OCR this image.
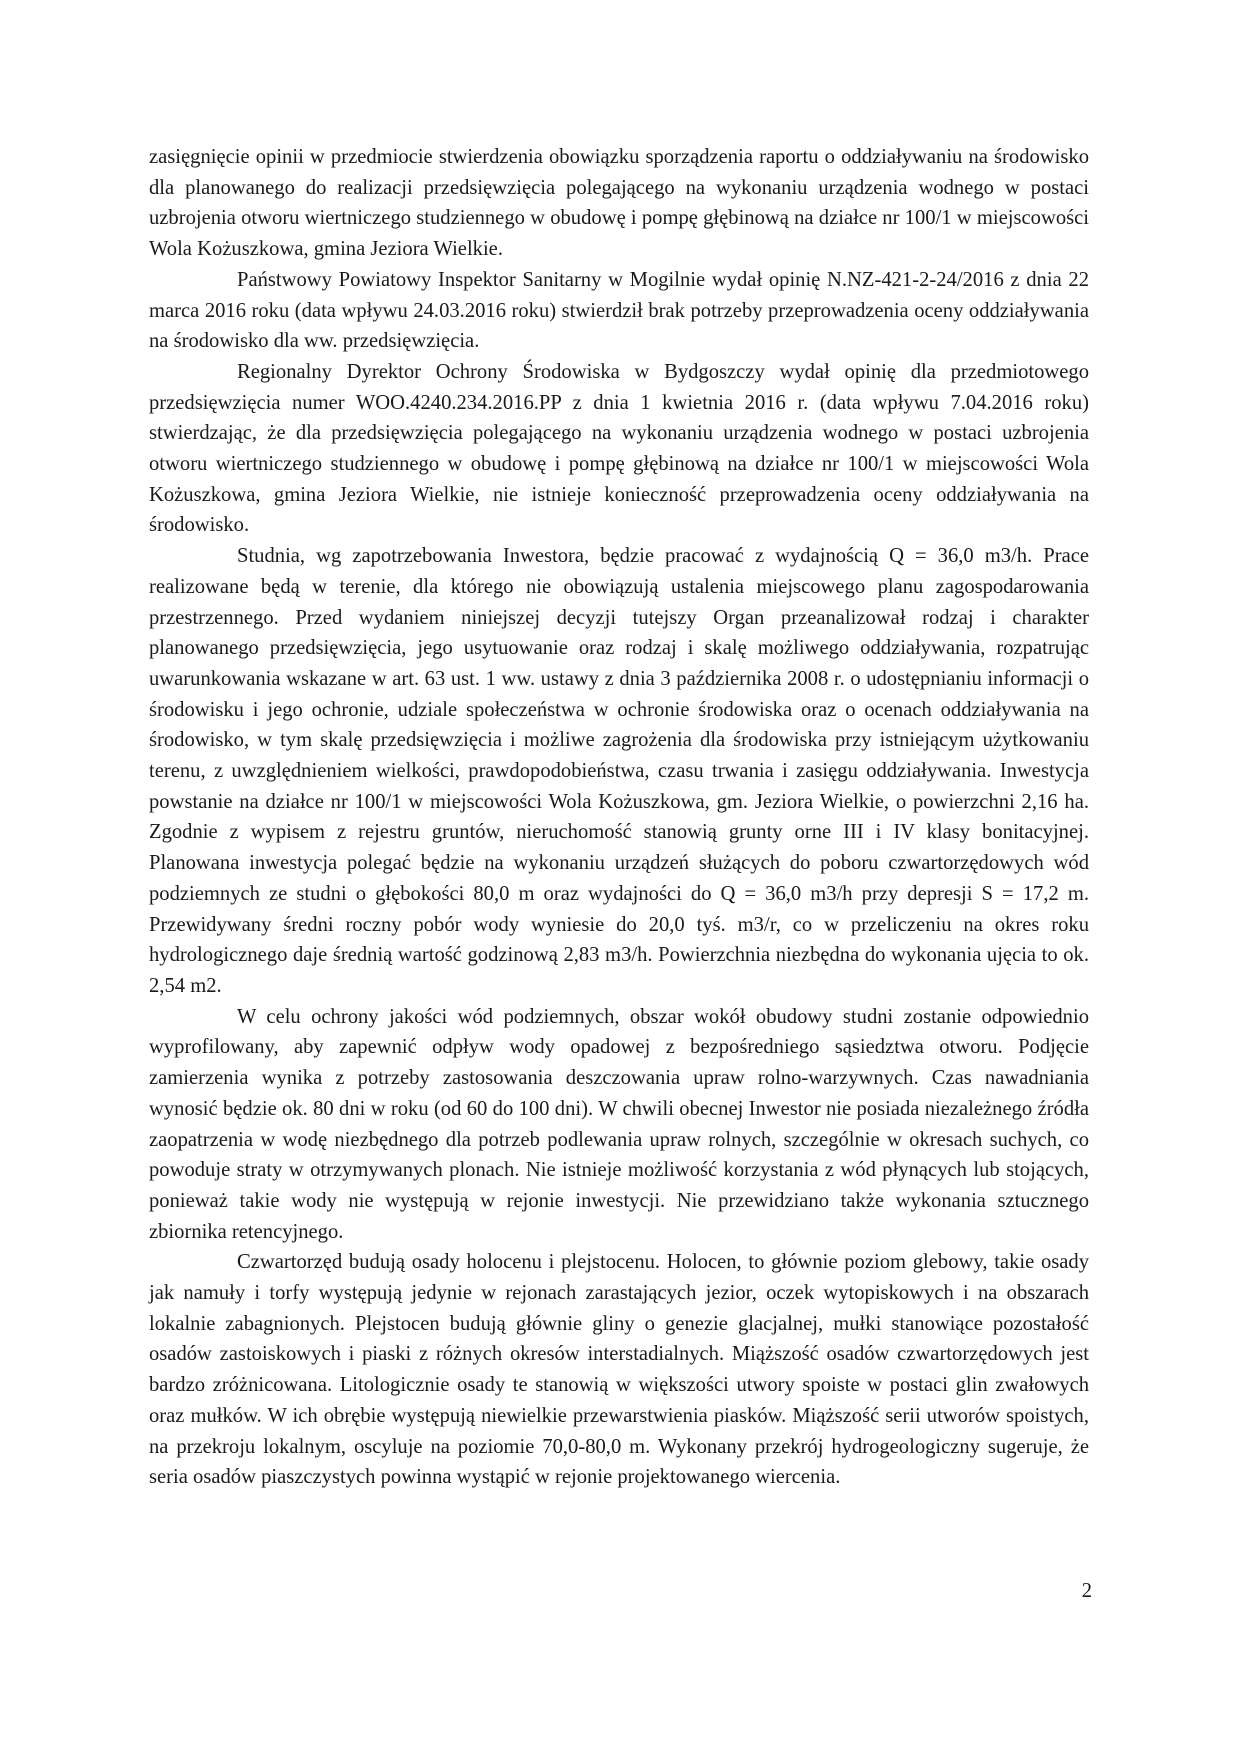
zasięgnięcie opinii w przedmiocie stwierdzenia obowiązku sporządzenia raportu o oddziaływaniu na środowisko dla planowanego do realizacji przedsięwzięcia polegającego na wykonaniu urządzenia wodnego w postaci uzbrojenia otworu wiertniczego studziennego w obudowę i pompę głębinową na działce nr 100/1 w miejscowości Wola Kożuszkowa, gmina Jeziora Wielkie.

Państwowy Powiatowy Inspektor Sanitarny w Mogilnie wydał opinię N.NZ-421-2-24/2016 z dnia 22 marca 2016 roku (data wpływu 24.03.2016 roku) stwierdził brak potrzeby przeprowadzenia oceny oddziaływania na środowisko dla ww. przedsięwzięcia.

Regionalny Dyrektor Ochrony Środowiska w Bydgoszczy wydał opinię dla przedmiotowego przedsięwzięcia numer WOO.4240.234.2016.PP z dnia 1 kwietnia 2016 r. (data wpływu 7.04.2016 roku) stwierdzając, że dla przedsięwzięcia polegającego na wykonaniu urządzenia wodnego w postaci uzbrojenia otworu wiertniczego studziennego w obudowę i pompę głębinową na działce nr 100/1 w miejscowości Wola Kożuszkowa, gmina Jeziora Wielkie, nie istnieje konieczność przeprowadzenia oceny oddziaływania na środowisko.

Studnia, wg zapotrzebowania Inwestora, będzie pracować z wydajnością Q = 36,0 m3/h. Prace realizowane będą w terenie, dla którego nie obowiązują ustalenia miejscowego planu zagospodarowania przestrzennego. Przed wydaniem niniejszej decyzji tutejszy Organ przeanalizował rodzaj i charakter planowanego przedsięwzięcia, jego usytuowanie oraz rodzaj i skalę możliwego oddziaływania, rozpatrując uwarunkowania wskazane w art. 63 ust. 1 ww. ustawy z dnia 3 października 2008 r. o udostępnianiu informacji o środowisku i jego ochronie, udziale społeczeństwa w ochronie środowiska oraz o ocenach oddziaływania na środowisko, w tym skalę przedsięwzięcia i możliwe zagrożenia dla środowiska przy istniejącym użytkowaniu terenu, z uwzględnieniem wielkości, prawdopodobieństwa, czasu trwania i zasięgu oddziaływania. Inwestycja powstanie na działce nr 100/1 w miejscowości Wola Kożuszkowa, gm. Jeziora Wielkie, o powierzchni 2,16 ha. Zgodnie z wypisem z rejestru gruntów, nieruchomość stanowią grunty orne III i IV klasy bonitacyjnej. Planowana inwestycja polegać będzie na wykonaniu urządzeń służących do poboru czwartorzędowych wód podziemnych ze studni o głębokości 80,0 m oraz wydajności do Q = 36,0 m3/h przy depresji S = 17,2 m. Przewidywany średni roczny pobór wody wyniesie do 20,0 tyś. m3/r, co w przeliczeniu na okres roku hydrologicznego daje średnią wartość godzinową 2,83 m3/h. Powierzchnia niezbędna do wykonania ujęcia to ok. 2,54 m2.

W celu ochrony jakości wód podziemnych, obszar wokół obudowy studni zostanie odpowiednio wyprofilowany, aby zapewnić odpływ wody opadowej z bezpośredniego sąsiedztwa otworu. Podjęcie zamierzenia wynika z potrzeby zastosowania deszczowania upraw rolno-warzywnych. Czas nawadniania wynosić będzie ok. 80 dni w roku (od 60 do 100 dni). W chwili obecnej Inwestor nie posiada niezależnego źródła zaopatrzenia w wodę niezbędnego dla potrzeb podlewania upraw rolnych, szczególnie w okresach suchych, co powoduje straty w otrzymywanych plonach. Nie istnieje możliwość korzystania z wód płynących lub stojących, ponieważ takie wody nie występują w rejonie inwestycji. Nie przewidziano także wykonania sztucznego zbiornika retencyjnego.

Czwartorzęd budują osady holocenu i plejstocenu. Holocen, to głównie poziom glebowy, takie osady jak namuły i torfy występują jedynie w rejonach zarastających jezior, oczek wytopiskowych i na obszarach lokalnie zabagnionych. Plejstocen budują głównie gliny o genezie glacjalnej, mułki stanowiące pozostałość osadów zastoiskowych i piaski z różnych okresów interstadialnych. Miąższość osadów czwartorzędowych jest bardzo zróżnicowana. Litologicznie osady te stanowią w większości utwory spoiste w postaci glin zwałowych oraz mułków. W ich obrębie występują niewielkie przewarstwienia piasków. Miąższość serii utworów spoistych, na przekroju lokalnym, oscyluje na poziomie 70,0-80,0 m. Wykonany przekrój hydrogeologiczny sugeruje, że seria osadów piaszczystych powinna wystąpić w rejonie projektowanego wiercenia.

2
